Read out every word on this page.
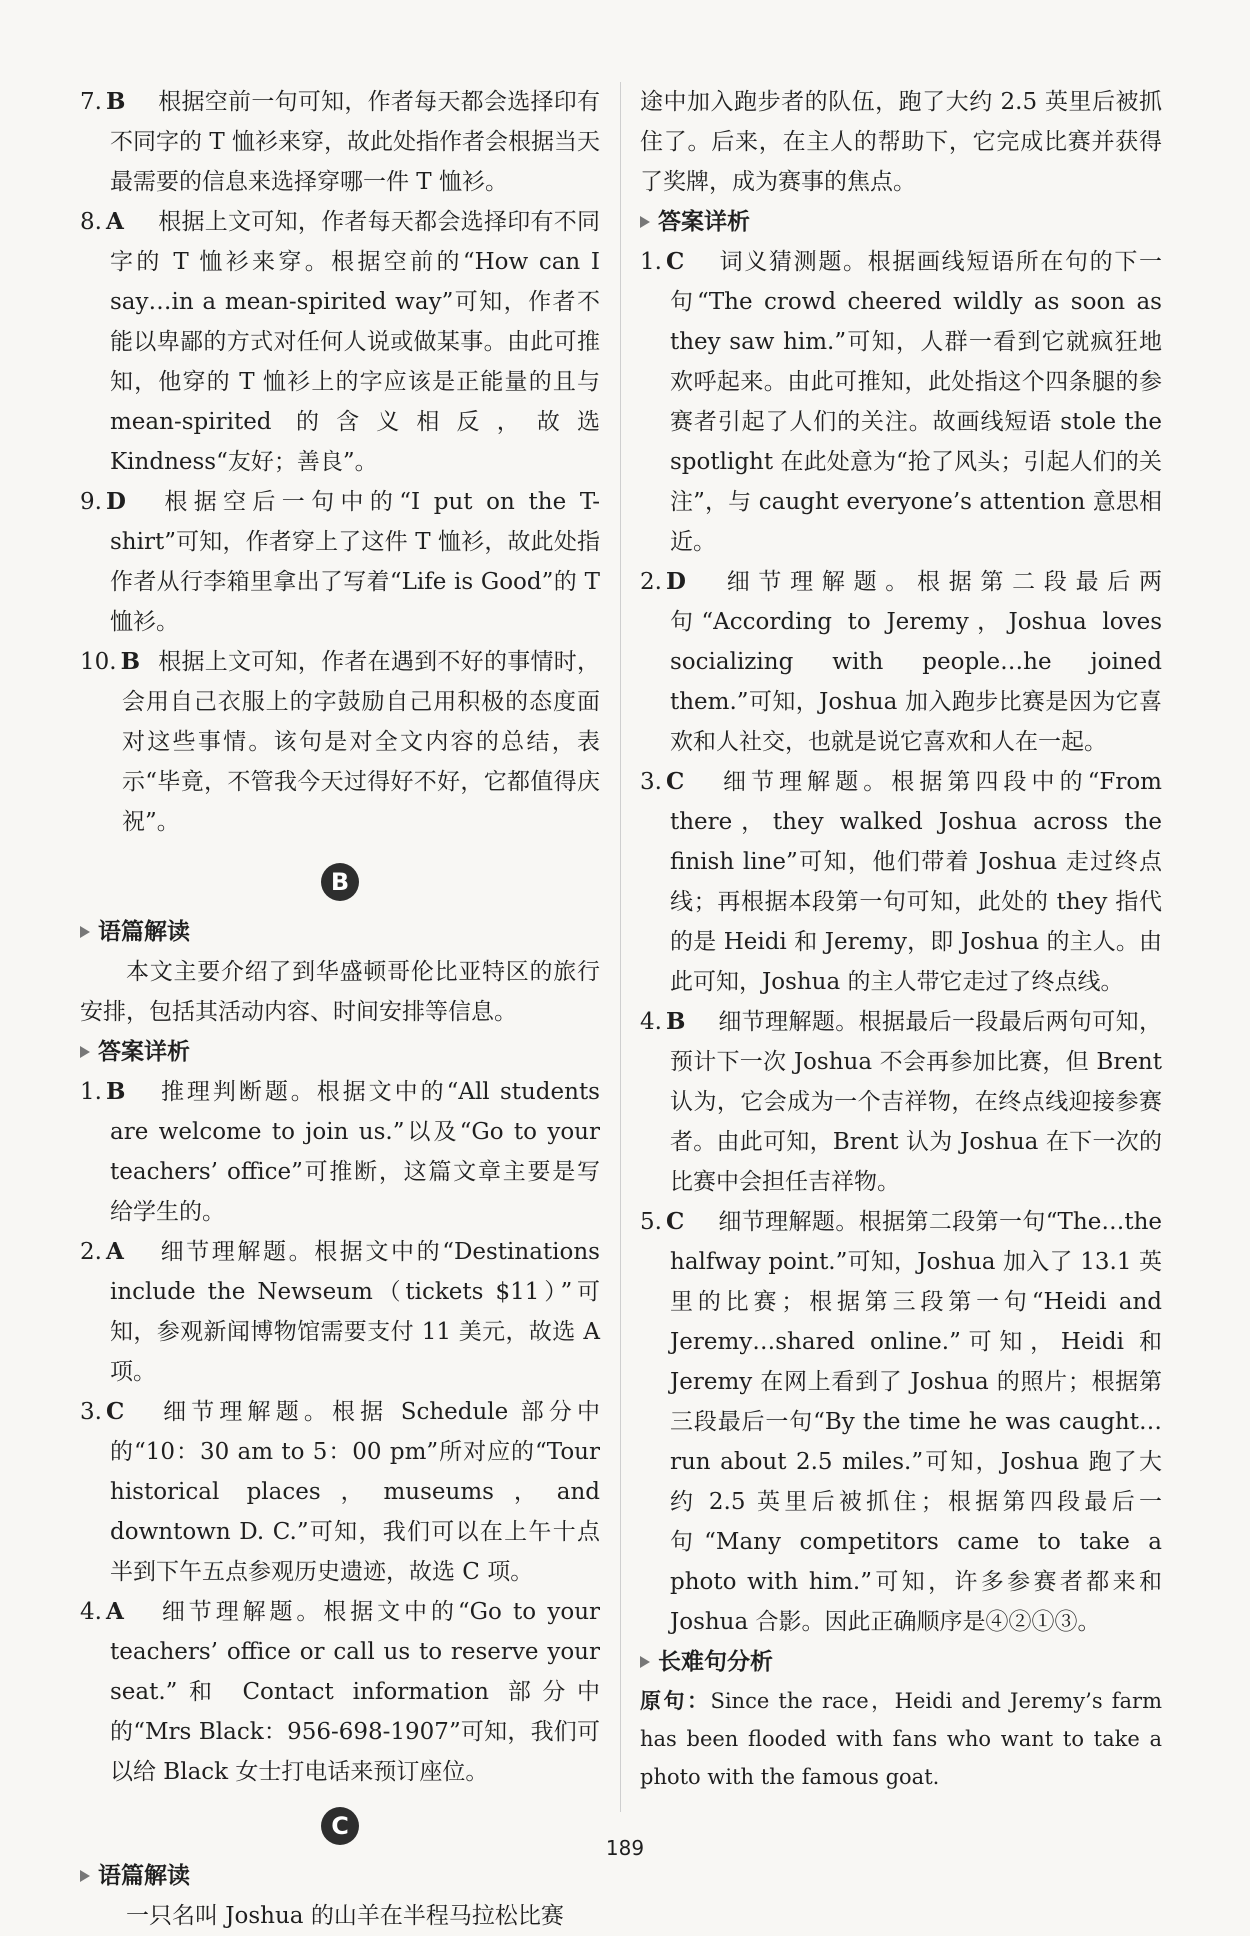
7. B 根据空前一句可知，作者每天都会选择印有不同字的 T 恤衫来穿，故此处指作者会根据当天最需要的信息来选择穿哪一件 T 恤衫。
8. A 根据上文可知，作者每天都会选择印有不同字的 T 恤衫来穿。根据空前的“How can I say…in a mean-spirited way”可知，作者不能以卑鄙的方式对任何人说或做某事。由此可推知，他穿的 T 恤衫上的字应该是正能量的且与 mean-spirited 的含义相反，故选 Kindness“友好；善良”。
9. D 根据空后一句中的“I put on the T-shirt”可知，作者穿上了这件 T 恤衫，故此处指作者从行李箱里拿出了写着“Life is Good”的 T 恤衫。
10. B 根据上文可知，作者在遇到不好的事情时，会用自己衣服上的字鼓励自己用积极的态度面对这些事情。该句是对全文内容的总结，表示“毕竟，不管我今天过得好不好，它都值得庆祝”。
B
语篇解读

本文主要介绍了到华盛顿哥伦比亚特区的旅行安排，包括其活动内容、时间安排等信息。

答案详析
1. B 推理判断题。根据文中的“All students are welcome to join us.”以及“Go to your teachers’ office”可推断，这篇文章主要是写给学生的。
2. A 细节理解题。根据文中的“Destinations include the Newseum（tickets $11）”可知，参观新闻博物馆需要支付 11 美元，故选 A 项。
3. C 细节理解题。根据 Schedule 部分中的“10：30 am to 5：00 pm”所对应的“Tour historical places，museums，and downtown D. C.”可知，我们可以在上午十点半到下午五点参观历史遗迹，故选 C 项。
4. A 细节理解题。根据文中的“Go to your teachers’ office or call us to reserve your seat.”和 Contact information 部分中的“Mrs Black：956-698-1907”可知，我们可以给 Black 女士打电话来预订座位。
C
语篇解读

一只名叫 Joshua 的山羊在半程马拉松比赛

途中加入跑步者的队伍，跑了大约 2.5 英里后被抓住了。后来，在主人的帮助下，它完成比赛并获得了奖牌，成为赛事的焦点。

答案详析
1. C 词义猜测题。根据画线短语所在句的下一句“The crowd cheered wildly as soon as they saw him.”可知，人群一看到它就疯狂地欢呼起来。由此可推知，此处指这个四条腿的参赛者引起了人们的关注。故画线短语 stole the spotlight 在此处意为“抢了风头；引起人们的关注”，与 caught everyone’s attention 意思相近。
2. D 细节理解题。根据第二段最后两句“According to Jeremy，Joshua loves socializing with people…he joined them.”可知，Joshua 加入跑步比赛是因为它喜欢和人社交，也就是说它喜欢和人在一起。
3. C 细节理解题。根据第四段中的“From there，they walked Joshua across the finish line”可知，他们带着 Joshua 走过终点线；再根据本段第一句可知，此处的 they 指代的是 Heidi 和 Jeremy，即 Joshua 的主人。由此可知，Joshua 的主人带它走过了终点线。
4. B 细节理解题。根据最后一段最后两句可知，预计下一次 Joshua 不会再参加比赛，但 Brent 认为，它会成为一个吉祥物，在终点线迎接参赛者。由此可知，Brent 认为 Joshua 在下一次的比赛中会担任吉祥物。
5. C 细节理解题。根据第二段第一句“The…the halfway point.”可知，Joshua 加入了 13.1 英里的比赛；根据第三段第一句“Heidi and Jeremy…shared online.”可知，Heidi 和 Jeremy 在网上看到了 Joshua 的照片；根据第三段最后一句“By the time he was caught…run about 2.5 miles.”可知，Joshua 跑了大约 2.5 英里后被抓住；根据第四段最后一句“Many competitors came to take a photo with him.”可知，许多参赛者都来和 Joshua 合影。因此正确顺序是④②①③。
长难句分析

原句：Since the race，Heidi and Jeremy’s farm has been flooded with fans who want to take a photo with the famous goat.

189
